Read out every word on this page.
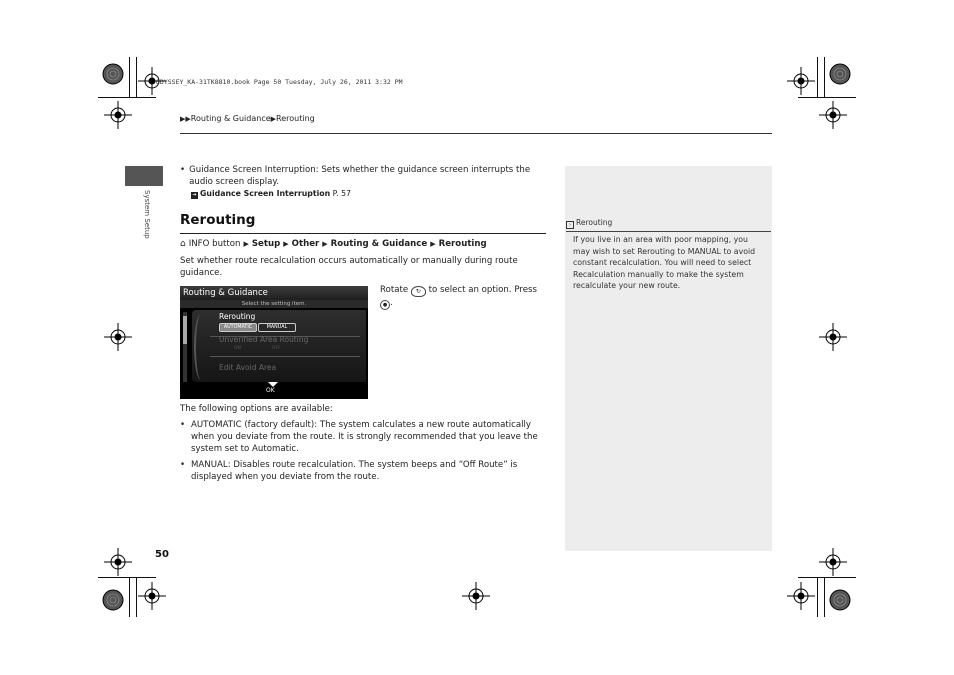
ODYSSEY_KA-31TK8810.book Page 50 Tuesday, July 26, 2011 3:32 PM
▶▶Routing & Guidance▶Rerouting
System Setup
• Guidance Screen Interruption: Sets whether the guidance screen interrupts the audio screen display.
➔ Guidance Screen Interruption P. 57
Rerouting
⌂ INFO button ▶ Setup ▶ Other ▶ Routing & Guidance ▶ Rerouting
Set whether route recalculation occurs automatically or manually during route guidance.
Routing & Guidance
Select the setting item.
Rerouting
AUTOMATIC	MANUAL
Unverified Area Routing
ON	OFF
Edit Avoid Area
OK
Rotate ↻ to select an option. Press
● .
The following options are available:
• AUTOMATIC (factory default): The system calculates a new route automatically when you deviate from the route. It is strongly recommended that you leave the system set to Automatic.
• MANUAL: Disables route recalculation. The system beeps and “Off Route” is displayed when you deviate from the route.
› Rerouting
If you live in an area with poor mapping, you may wish to set Rerouting to MANUAL to avoid constant recalculation. You will need to select Recalculation manually to make the system recalculate your new route.
50
